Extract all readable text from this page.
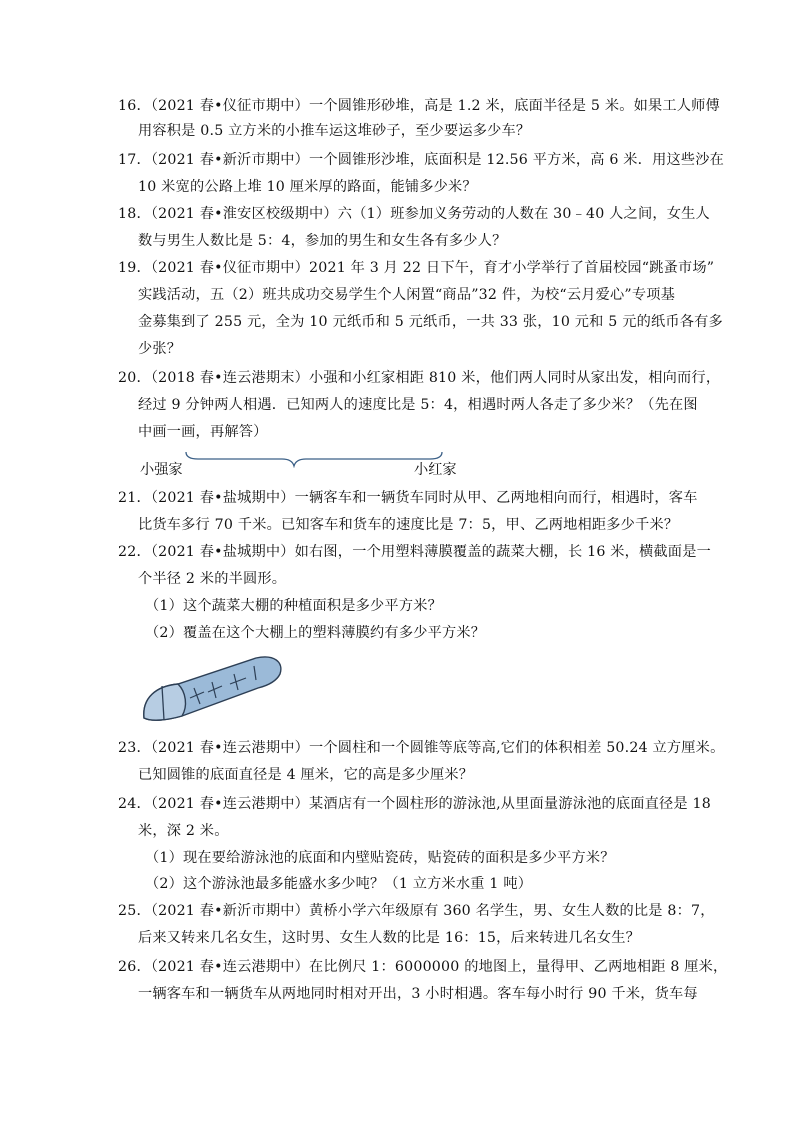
16．（2021 春•仪征市期中）一个圆锥形砂堆，高是 1.2 米，底面半径是 5 米。如果工人师傅
用容积是 0.5 立方米的小推车运这堆砂子，至少要运多少车？
17．（2021 春•新沂市期中）一个圆锥形沙堆，底面积是 12.56 平方米，高 6 米．用这些沙在
10 米宽的公路上堆 10 厘米厚的路面，能铺多少米？
18．（2021 春•淮安区校级期中）六（1）班参加义务劳动的人数在 30﹣40 人之间，女生人
数与男生人数比是 5：4，参加的男生和女生各有多少人？
19．（2021 春•仪征市期中）2021 年 3 月 22 日下午，育才小学举行了首届校园“跳蚤市场”
实践活动，五（2）班共成功交易学生个人闲置“商品”32 件，为校“云月爱心”专项基
金募集到了 255 元，全为 10 元纸币和 5 元纸币，一共 33 张，10 元和 5 元的纸币各有多
少张？
20．（2018 春•连云港期末）小强和小红家相距 810 米，他们两人同时从家出发，相向而行，
经过 9 分钟两人相遇．已知两人的速度比是 5：4，相遇时两人各走了多少米？（先在图
中画一画，再解答）
小强家	小红家
21．（2021 春•盐城期中）一辆客车和一辆货车同时从甲、乙两地相向而行，相遇时，客车
比货车多行 70 千米。已知客车和货车的速度比是 7：5，甲、乙两地相距多少千米？
22．（2021 春•盐城期中）如右图，一个用塑料薄膜覆盖的蔬菜大棚，长 16 米，横截面是一
个半径 2 米的半圆形。
（1）这个蔬菜大棚的种植面积是多少平方米？
（2）覆盖在这个大棚上的塑料薄膜约有多少平方米？
23．（2021 春•连云港期中）一个圆柱和一个圆锥等底等高,它们的体积相差 50.24 立方厘米。
已知圆锥的底面直径是 4 厘米，它的高是多少厘米？
24．（2021 春•连云港期中）某酒店有一个圆柱形的游泳池,从里面量游泳池的底面直径是 18
米，深 2 米。
（1）现在要给游泳池的底面和内壁贴瓷砖，贴瓷砖的面积是多少平方米？
（2）这个游泳池最多能盛水多少吨？（1 立方米水重 1 吨）
25．（2021 春•新沂市期中）黄桥小学六年级原有 360 名学生，男、女生人数的比是 8：7，
后来又转来几名女生，这时男、女生人数的比是 16：15，后来转进几名女生？
26．（2021 春•连云港期中）在比例尺 1：6000000 的地图上，量得甲、乙两地相距 8 厘米，
一辆客车和一辆货车从两地同时相对开出，3 小时相遇。客车每小时行 90 千米，货车每
